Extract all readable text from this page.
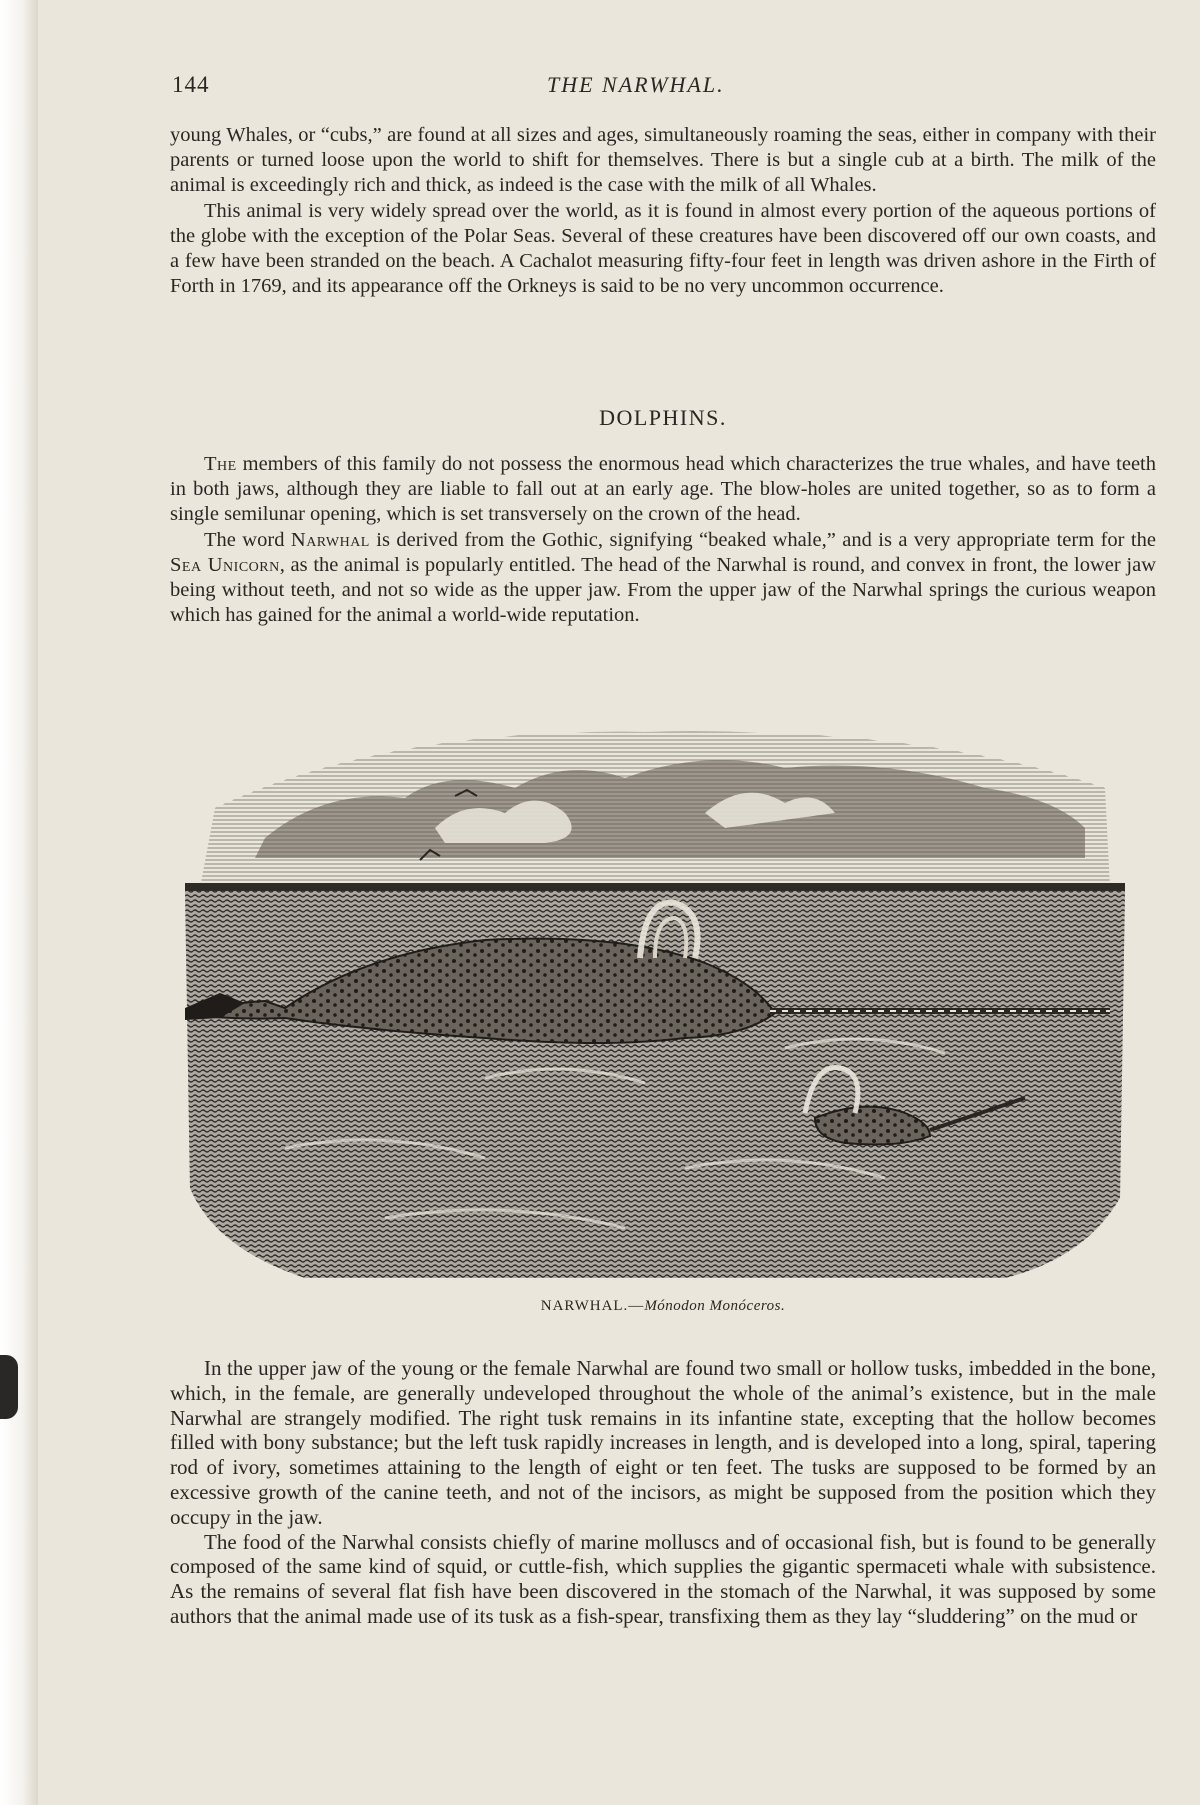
144	THE NARWHAL.

young Whales, or “cubs,” are found at all sizes and ages, simultaneously roaming the seas, either in company with their parents or turned loose upon the world to shift for themselves. There is but a single cub at a birth. The milk of the animal is exceedingly rich and thick, as indeed is the case with the milk of all Whales.

This animal is very widely spread over the world, as it is found in almost every portion of the aqueous portions of the globe with the exception of the Polar Seas. Several of these creatures have been discovered off our own coasts, and a few have been stranded on the beach. A Cachalot measuring fifty-four feet in length was driven ashore in the Firth of Forth in 1769, and its appearance off the Orkneys is said to be no very uncommon occurrence.

DOLPHINS.

The members of this family do not possess the enormous head which characterizes the true whales, and have teeth in both jaws, although they are liable to fall out at an early age. The blow-holes are united together, so as to form a single semilunar opening, which is set transversely on the crown of the head.

The word Narwhal is derived from the Gothic, signifying “beaked whale,” and is a very appropriate term for the Sea Unicorn, as the animal is popularly entitled. The head of the Narwhal is round, and convex in front, the lower jaw being without teeth, and not so wide as the upper jaw. From the upper jaw of the Narwhal springs the curious weapon which has gained for the animal a world-wide reputation.

NARWHAL.—Mónodon Monóceros.

In the upper jaw of the young or the female Narwhal are found two small or hollow tusks, imbedded in the bone, which, in the female, are generally undeveloped throughout the whole of the animal’s existence, but in the male Narwhal are strangely modified. The right tusk remains in its infantine state, excepting that the hollow becomes filled with bony substance; but the left tusk rapidly increases in length, and is developed into a long, spiral, tapering rod of ivory, sometimes attaining to the length of eight or ten feet. The tusks are supposed to be formed by an excessive growth of the canine teeth, and not of the incisors, as might be supposed from the position which they occupy in the jaw.

The food of the Narwhal consists chiefly of marine molluscs and of occasional fish, but is found to be generally composed of the same kind of squid, or cuttle-fish, which supplies the gigantic spermaceti whale with subsistence. As the remains of several flat fish have been discovered in the stomach of the Narwhal, it was supposed by some authors that the animal made use of its tusk as a fish-spear, transfixing them as they lay “sluddering” on the mud or
